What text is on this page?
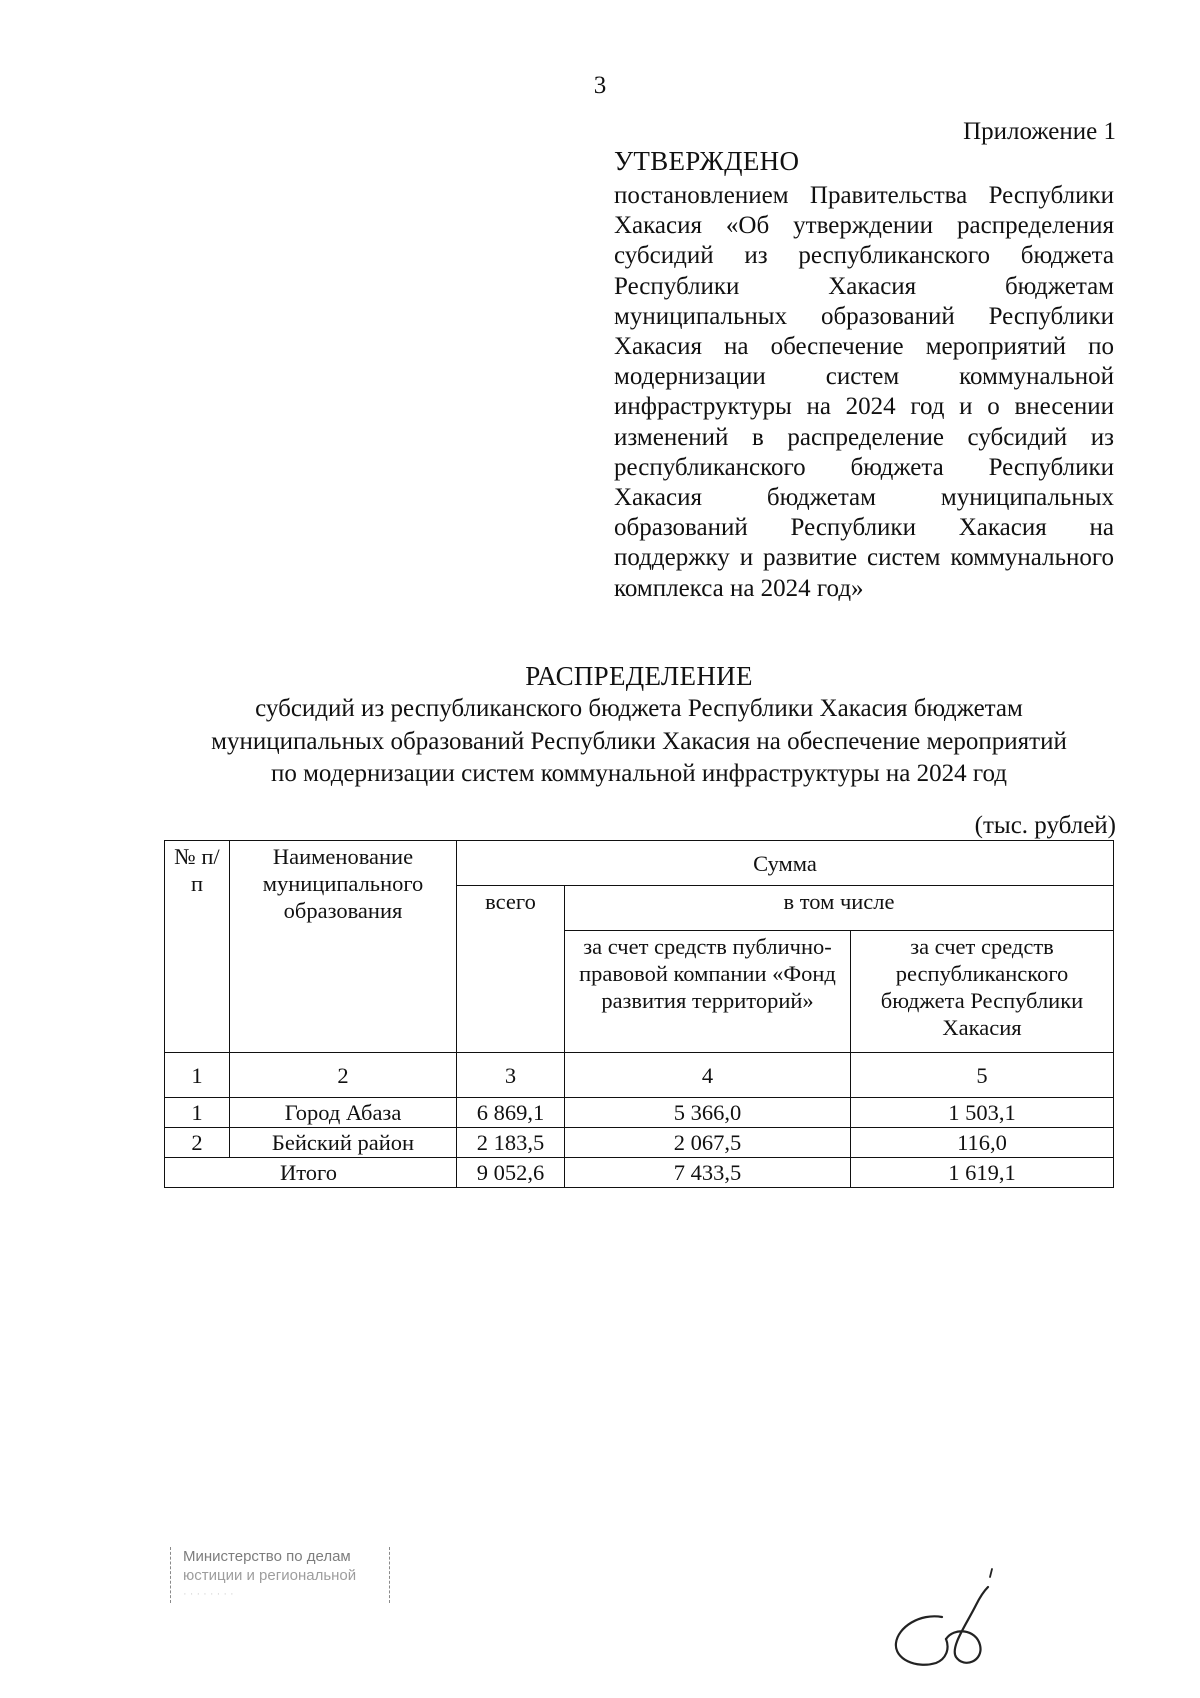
3
Приложение 1
УТВЕРЖДЕНО
постановлением Правительства Республики Хакасия «Об утверждении распределения субсидий из республиканского бюджета Республики Хакасия бюджетам муниципальных образований Республики Хакасия на обеспечение мероприятий по модернизации систем коммунальной инфраструктуры на 2024 год и о внесении изменений в распределение субсидий из республиканского бюджета Республики Хакасия бюджетам муниципальных образований Республики Хакасия на поддержку и развитие систем коммунального комплекса на 2024 год»
РАСПРЕДЕЛЕНИЕ
субсидий из республиканского бюджета Республики Хакасия бюджетам
муниципальных образований Республики Хакасия на обеспечение мероприятий
по модернизации систем коммунальной инфраструктуры на 2024 год
(тыс. рублей)
№ п/п	Наименование муниципального образования	Сумма		
		всего	в том числе	
			за счет средств публично-правовой компании «Фонд развития территорий»	за счет средств республиканского бюджета Республики Хакасия
1	2	3	4	5
1	Город Абаза	6 869,1	5 366,0	1 503,1
2	Бейский район	2 183,5	2 067,5	116,0
Итого		9 052,6	7 433,5	1 619,1
Министерство по делам
юстиции и региональной
· · · · · · · ·
